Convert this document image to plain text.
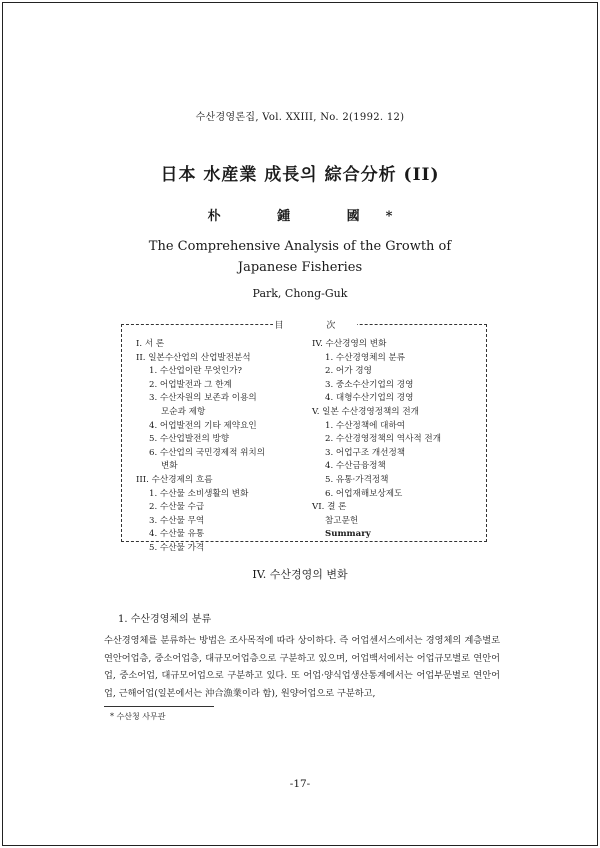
수산경영론집, Vol. XXIII, No. 2(1992. 12)
日本 水産業 成長의 綜合分析 (II)
朴 鍾 國*
The Comprehensive Analysis of the Growth of
Japanese Fisheries
Park, Chong-Guk
目 次
I. 서 론
II. 일본수산업의 산업발전분석
1. 수산업이란 무엇인가?
2. 어업발전과 그 한계
3. 수산자원의 보존과 이용의
모순과 제항
4. 어업발전의 기타 제약요인
5. 수산업발전의 방향
6. 수산업의 국민경제적 위치의
변화
III. 수산경제의 흐름
1. 수산물 소비생활의 변화
2. 수산물 수급
3. 수산물 무역
4. 수산물 유통
5. 수산물 가격
IV. 수산경영의 변화
1. 수산경영체의 분류
2. 어가 경영
3. 중소수산기업의 경영
4. 대형수산기업의 경영
V. 일본 수산경영정책의 전개
1. 수산정책에 대하여
2. 수산경영정책의 역사적 전개
3. 어업구조 개선정책
4. 수산금융정책
5. 유통·가격정책
6. 어업재해보상제도
VI. 결 론
참고문헌
Summary
IV. 수산경영의 변화
1. 수산경영체의 분류
수산경영체를 분류하는 방법은 조사목적에 따라 상이하다. 즉 어업센서스에서는 경영체의 계층별로 연안어업층, 중소어업층, 대규모어업층으로 구분하고 있으며, 어업백서에서는 어업규모별로 연안어업, 중소어업, 대규모어업으로 구분하고 있다. 또 어업·양식업생산통계에서는 어업부문별로 연안어업, 근해어업(일본에서는 沖合漁業이라 함), 원양어업으로 구분하고,
* 수산청 사무관
-17-
